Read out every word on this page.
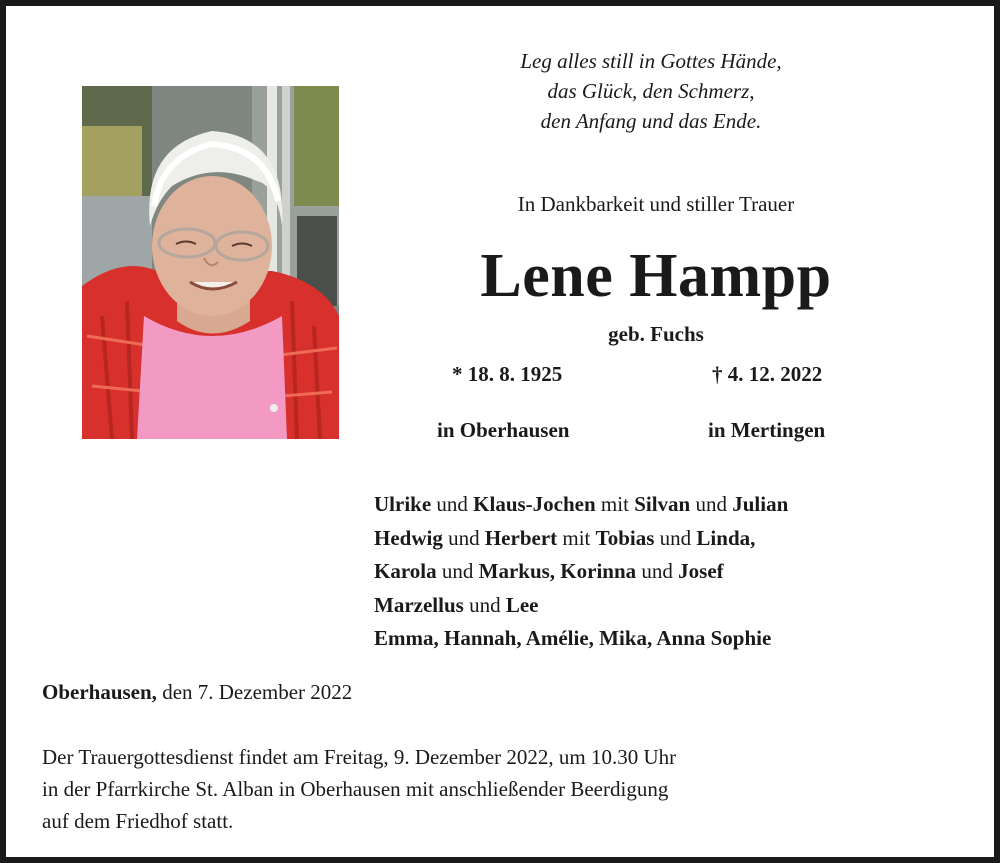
Leg alles still in Gottes Hände,
das Glück, den Schmerz,
den Anfang und das Ende.
In Dankbarkeit und stiller Trauer
Lene Hampp
geb. Fuchs
* 18. 8. 1925	† 4. 12. 2022
in Oberhausen	in Mertingen
Ulrike und Klaus-Jochen mit Silvan und Julian
Hedwig und Herbert mit Tobias und Linda,
Karola und Markus, Korinna und Josef
Marzellus und Lee
Emma, Hannah, Amélie, Mika, Anna Sophie
Oberhausen, den 7. Dezember 2022
Der Trauergottesdienst findet am Freitag, 9. Dezember 2022, um 10.30 Uhr
in der Pfarrkirche St. Alban in Oberhausen mit anschließender Beerdigung
auf dem Friedhof statt.
